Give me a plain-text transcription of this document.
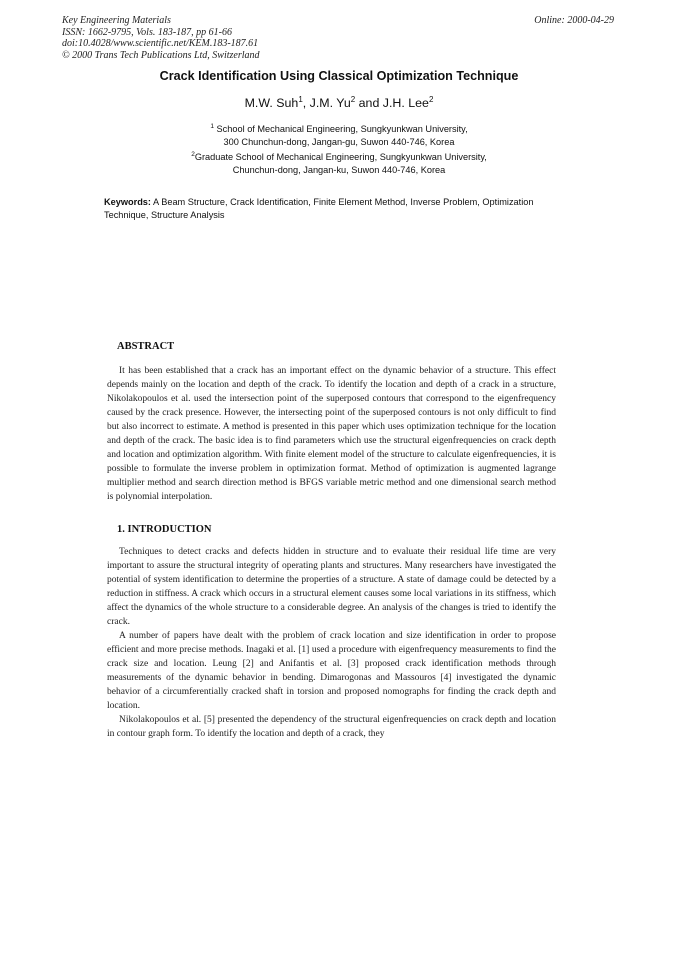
Key Engineering Materials
ISSN: 1662-9795, Vols. 183-187, pp 61-66
doi:10.4028/www.scientific.net/KEM.183-187.61
© 2000 Trans Tech Publications Ltd, Switzerland
Online: 2000-04-29
Crack Identification Using Classical Optimization Technique
M.W. Suh$^1$, J.M. Yu$^2$ and J.H. Lee$^2$
$^1$ School of Mechanical Engineering, Sungkyunkwan University,
300 Chunchun-dong, Jangan-gu, Suwon 440-746, Korea
$^2$Graduate School of Mechanical Engineering, Sungkyunkwan University,
Chunchun-dong, Jangan-ku, Suwon 440-746, Korea
Keywords: A Beam Structure, Crack Identification, Finite Element Method, Inverse Problem, Optimization Technique, Structure Analysis
ABSTRACT

It has been established that a crack has an important effect on the dynamic behavior of a structure. This effect depends mainly on the location and depth of the crack. To identify the location and depth of a crack in a structure, Nikolakopoulos et al. used the intersection point of the superposed contours that correspond to the eigenfrequency caused by the crack presence. However, the intersecting point of the superposed contours is not only difficult to find but also incorrect to estimate. A method is presented in this paper which uses optimization technique for the location and depth of the crack. The basic idea is to find parameters which use the structural eigenfrequencies on crack depth and location and optimization algorithm. With finite element model of the structure to calculate eigenfrequencies, it is possible to formulate the inverse problem in optimization format. Method of optimization is augmented lagrange multiplier method and search direction method is BFGS variable metric method and one dimensional search method is polynomial interpolation.

1. INTRODUCTION

Techniques to detect cracks and defects hidden in structure and to evaluate their residual life time are very important to assure the structural integrity of operating plants and structures. Many researchers have investigated the potential of system identification to determine the properties of a structure. A state of damage could be detected by a reduction in stiffness. A crack which occurs in a structural element causes some local variations in its stiffness, which affect the dynamics of the whole structure to a considerable degree. An analysis of the changes is tried to identify the crack.

A number of papers have dealt with the problem of crack location and size identification in order to propose efficient and more precise methods. Inagaki et al. [1] used a procedure with eigenfrequency measurements to find the crack size and location. Leung [2] and Anifantis et al. [3] proposed crack identification methods through measurements of the dynamic behavior in bending. Dimarogonas and Massouros [4] investigated the dynamic behavior of a circumferentially cracked shaft in torsion and proposed nomographs for finding the crack depth and location.

Nikolakopoulos et al. [5] presented the dependency of the structural eigenfrequencies on crack depth and location in contour graph form. To identify the location and depth of a crack, they
